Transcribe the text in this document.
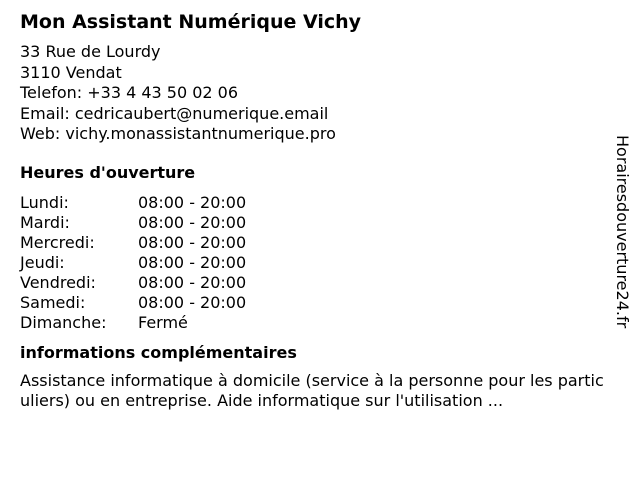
Mon Assistant Numérique Vichy
33 Rue de Lourdy
3110 Vendat
Telefon: +33 4 43 50 02 06
Email: cedricaubert@numerique.email
Web: vichy.monassistantnumerique.pro
Heures d'ouverture
Lundi:	08:00 - 20:00
Mardi:	08:00 - 20:00
Mercredi:	08:00 - 20:00
Jeudi:	08:00 - 20:00
Vendredi:	08:00 - 20:00
Samedi:	08:00 - 20:00
Dimanche:	Fermé
informations complémentaires
Assistance informatique à domicile (service à la personne pour les particuliers) ou en entreprise. Aide informatique sur l'utilisation ...
Horairesdouverture24.fr
